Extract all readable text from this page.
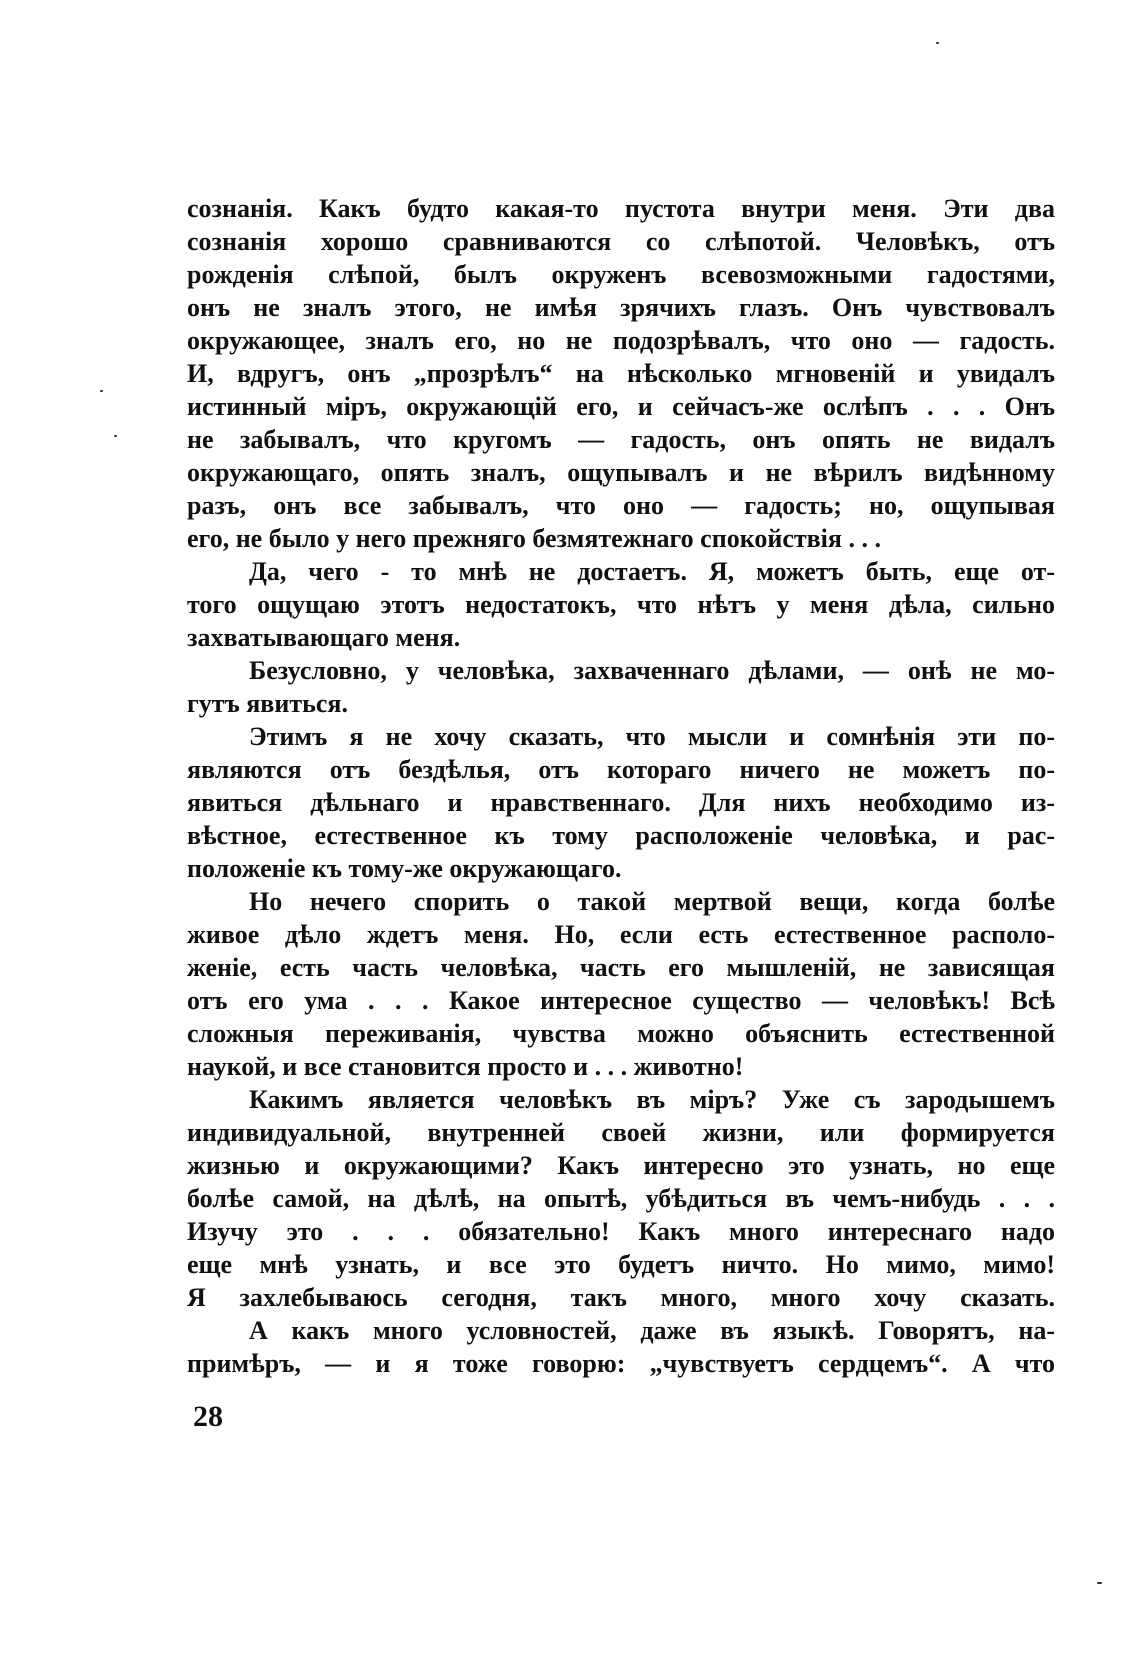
сознанія. Какъ будто какая-то пустота внутри меня. Эти два
сознанія хорошо сравниваются со слѣпотой. Человѣкъ, отъ
рожденія слѣпой, былъ окруженъ всевозможными гадостями,
онъ не зналъ этого, не имѣя зрячихъ глазъ. Онъ чувствовалъ
окружающее, зналъ его, но не подозрѣвалъ, что оно — гадость.
И, вдругъ, онъ „прозрѣлъ“ на нѣсколько мгновеній и увидалъ
истинный міръ, окружающій его, и сейчасъ-же ослѣпъ . . . Онъ
не забывалъ, что кругомъ — гадость, онъ опять не видалъ
окружающаго, опять зналъ, ощупывалъ и не вѣрилъ видѣнному
разъ, онъ все забывалъ, что оно — гадость; но, ощупывая
его, не было у него прежняго безмятежнаго спокойствія . . .
Да, чего - то мнѣ не достаетъ. Я, можетъ быть, еще от-
того ощущаю этотъ недостатокъ, что нѣтъ у меня дѣла, сильно
захватывающаго меня.
Безусловно, у человѣка, захваченнаго дѣлами, — онѣ не мо-
гутъ явиться.
Этимъ я не хочу сказать, что мысли и сомнѣнія эти по-
являются отъ бездѣлья, отъ котораго ничего не можетъ по-
явиться дѣльнаго и нравственнаго. Для нихъ необходимо из-
вѣстное, естественное къ тому расположеніе человѣка, и рас-
положеніе къ тому-же окружающаго.
Но нечего спорить о такой мертвой вещи, когда болѣе
живое дѣло ждетъ меня. Но, если есть естественное располо-
женіе, есть часть человѣка, часть его мышленій, не зависящая
отъ его ума . . . Какое интересное существо — человѣкъ! Всѣ
сложныя переживанія, чувства можно объяснить естественной
наукой, и все становится просто и . . . животно!
Какимъ является человѣкъ въ міръ? Уже съ зародышемъ
индивидуальной, внутренней своей жизни, или формируется
жизнью и окружающими? Какъ интересно это узнать, но еще
болѣе самой, на дѣлѣ, на опытѣ, убѣдиться въ чемъ-нибудь . . .
Изучу это . . . обязательно! Какъ много интереснаго надо
еще мнѣ узнать, и все это будетъ ничто. Но мимо, мимо!
Я захлебываюсь сегодня, такъ много, много хочу сказать.
А какъ много условностей, даже въ языкѣ. Говорятъ, на-
примѣръ, — и я тоже говорю: „чувствуетъ сердцемъ“. А что
28
